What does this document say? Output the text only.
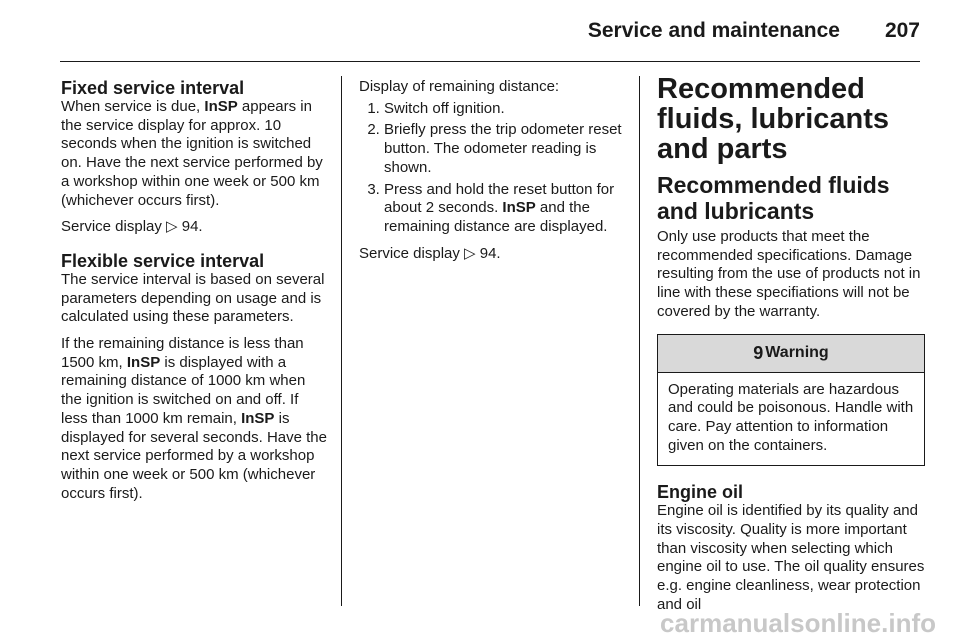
Service and maintenance 207
Fixed service interval

When service is due, InSP appears in the service display for approx. 10 seconds when the ignition is switched on. Have the next service performed by a workshop within one week or 500 km (whichever occurs first).

Service display ▷ 94.

Flexible service interval

The service interval is based on several parameters depending on usage and is calculated using these parameters.

If the remaining distance is less than 1500 km, InSP is displayed with a remaining distance of 1000 km when the ignition is switched on and off. If less than 1000 km remain, InSP is displayed for several seconds. Have the next service performed by a workshop within one week or 500 km (whichever occurs first).

Display of remaining distance:

1. Switch off ignition.
2. Briefly press the trip odometer reset button. The odometer reading is shown.
3. Press and hold the reset button for about 2 seconds. InSP and the remaining distance are displayed.

Service display ▷ 94.

Recommended fluids, lubricants and parts
Recommended fluids and lubricants

Only use products that meet the recommended specifications. Damage resulting from the use of products not in line with these specifiations will not be covered by the warranty.

9 Warning
Operating materials are hazardous and could be poisonous. Handle with care. Pay attention to information given on the containers.
Engine oil

Engine oil is identified by its quality and its viscosity. Quality is more important than viscosity when selecting which engine oil to use. The oil quality ensures e.g. engine cleanliness, wear protection and oil

carmanualsonline.info
